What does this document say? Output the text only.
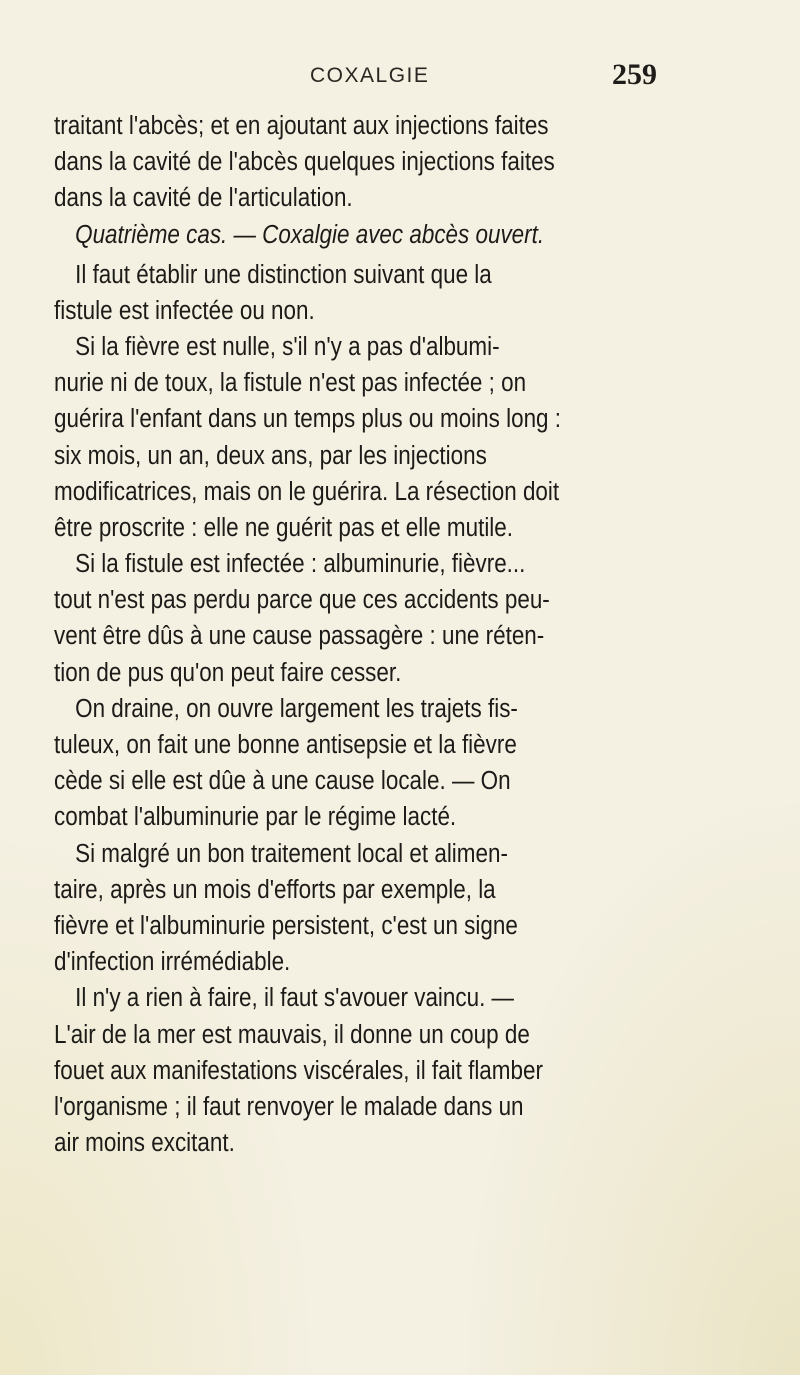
COXALGIE	259
traitant l'abcès; et en ajoutant aux injections faites
dans la cavité de l'abcès quelques injections faites
dans la cavité de l'articulation.
Quatrième cas. — Coxalgie avec abcès ouvert.
Il faut établir une distinction suivant que la
fistule est infectée ou non.
Si la fièvre est nulle, s'il n'y a pas d'albumi-
nurie ni de toux, la fistule n'est pas infectée ; on
guérira l'enfant dans un temps plus ou moins long :
six mois, un an, deux ans, par les injections
modificatrices, mais on le guérira. La résection doit
être proscrite : elle ne guérit pas et elle mutile.
Si la fistule est infectée : albuminurie, fièvre...
tout n'est pas perdu parce que ces accidents peu-
vent être dûs à une cause passagère : une réten-
tion de pus qu'on peut faire cesser.
On draine, on ouvre largement les trajets fis-
tuleux, on fait une bonne antisepsie et la fièvre
cède si elle est dûe à une cause locale. — On
combat l'albuminurie par le régime lacté.
Si malgré un bon traitement local et alimen-
taire, après un mois d'efforts par exemple, la
fièvre et l'albuminurie persistent, c'est un signe
d'infection irrémédiable.
Il n'y a rien à faire, il faut s'avouer vaincu. —
L'air de la mer est mauvais, il donne un coup de
fouet aux manifestations viscérales, il fait flamber
l'organisme ; il faut renvoyer le malade dans un
air moins excitant.
